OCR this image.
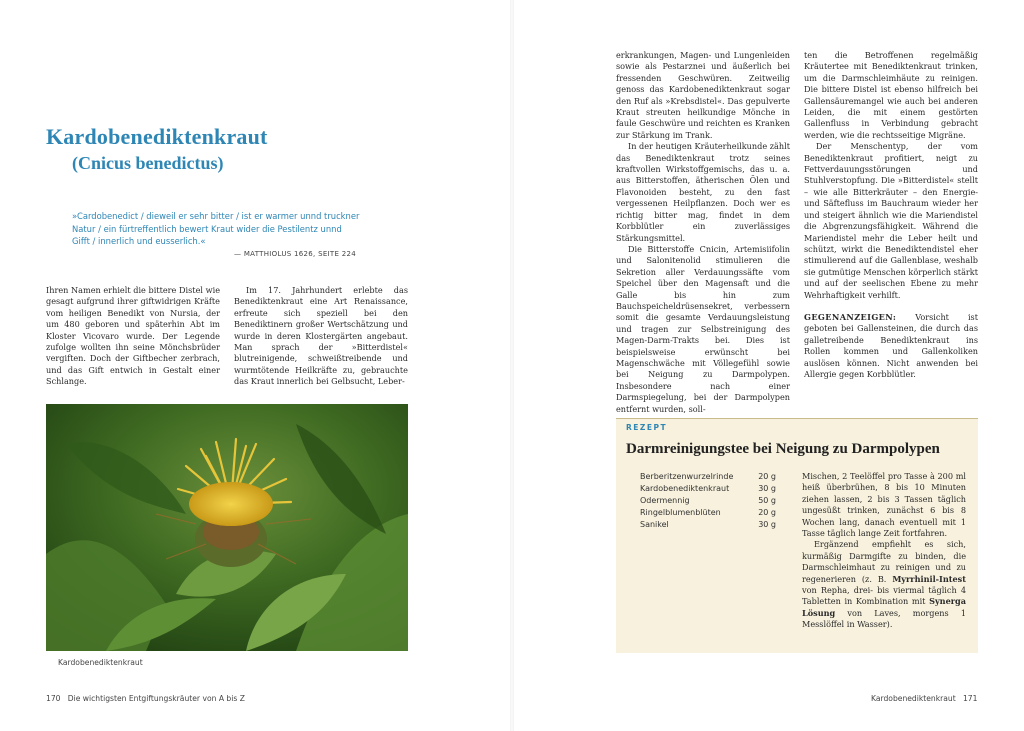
Kardobenediktenkraut
(Cnicus benedictus)
»Cardobenedict / dieweil er sehr bitter / ist er warmer unnd truckner Natur / ein fürtreffentlich bewert Kraut wider die Pestilentz unnd Gifft / innerlich und eusserlich.«
— MATTHIOLUS 1626, SEITE 224

Ihren Namen erhielt die bittere Distel wie gesagt aufgrund ihrer giftwidrigen Kräfte vom heiligen Benedikt von Nursia, der um 480 geboren und späterhin Abt im Kloster Vicovaro wurde. Der Legende zufolge wollten ihn seine Mönchsbrüder vergiften. Doch der Giftbecher zerbrach, und das Gift entwich in Gestalt einer Schlange.

Im 17. Jahrhundert erlebte das Benediktenkraut eine Art Renaissance, erfreute sich speziell bei den Benediktinern großer Wertschätzung und wurde in deren Klostergärten angebaut. Man sprach der »Bitterdistel« blutreinigende, schweißtreibende und wurmtötende Heilkräfte zu, gebrauchte das Kraut innerlich bei Gelbsucht, Leber-

Kardobenediktenkraut
170 Die wichtigsten Entgiftungskräuter von A bis Z

erkrankungen, Magen- und Lungenleiden sowie als Pestarznei und äußerlich bei fressenden Geschwüren. Zeitweilig genoss das Kardobenediktenkraut sogar den Ruf als »Krebsdistel«. Das gepulverte Kraut streuten heilkundige Mönche in faule Geschwüre und reichten es Kranken zur Stärkung im Trank.

In der heutigen Kräuterheilkunde zählt das Benediktenkraut trotz seines kraftvollen Wirkstoffgemischs, das u. a. aus Bitterstoffen, ätherischen Ölen und Flavonoiden besteht, zu den fast vergessenen Heilpflanzen. Doch wer es richtig bitter mag, findet in dem Korbblütler ein zuverlässiges Stärkungsmittel.

Die Bitterstoffe Cnicin, Artemisiifolin und Salonitenolid stimulieren die Sekretion aller Verdauungssäfte vom Speichel über den Magensaft und die Galle bis hin zum Bauchspeicheldrüsensekret, verbessern somit die gesamte Verdauungsleistung und tragen zur Selbstreinigung des Magen-Darm-Trakts bei. Dies ist beispielsweise erwünscht bei Magenschwäche mit Völlegefühl sowie bei Neigung zu Darmpolypen. Insbesondere nach einer Darmspiegelung, bei der Darmpolypen entfernt wurden, soll-

ten die Betroffenen regelmäßig Kräutertee mit Benediktenkraut trinken, um die Darmschleimhäute zu reinigen. Die bittere Distel ist ebenso hilfreich bei Gallensäuremangel wie auch bei anderen Leiden, die mit einem gestörten Gallenfluss in Verbindung gebracht werden, wie die rechtsseitige Migräne.

Der Menschentyp, der vom Benediktenkraut profitiert, neigt zu Fettverdauungsstörungen und Stuhlverstopfung. Die »Bitterdistel« stellt – wie alle Bitterkräuter – den Energie- und Säftefluss im Bauchraum wieder her und steigert ähnlich wie die Mariendistel die Abgrenzungsfähigkeit. Während die Mariendistel mehr die Leber heilt und schützt, wirkt die Benediktendistel eher stimulierend auf die Gallenblase, weshalb sie gutmütige Menschen körperlich stärkt und auf der seelischen Ebene zu mehr Wehrhaftigkeit verhilft.

GEGENANZEIGEN: Vorsicht ist geboten bei Gallensteinen, die durch das galletreibende Benediktenkraut ins Rollen kommen und Gallenkoliken auslösen können. Nicht anwenden bei Allergie gegen Korbblütler.

REZEPT
Darmreinigungstee bei Neigung zu Darmpolypen
Berberitzenwurzelrinde	20 g
Kardobenediktenkraut	30 g
Odermennig	50 g
Ringelblumenblüten	20 g
Sanikel	30 g

Mischen, 2 Teelöffel pro Tasse à 200 ml heiß überbrühen, 8 bis 10 Minuten ziehen lassen, 2 bis 3 Tassen täglich ungesüßt trinken, zunächst 6 bis 8 Wochen lang, danach eventuell mit 1 Tasse täglich lange Zeit fortfahren.

Ergänzend empfiehlt es sich, kurmäßig Darmgifte zu binden, die Darmschleimhaut zu reinigen und zu regenerieren (z. B. Myrrhinil-Intest von Repha, drei- bis viermal täglich 4 Tabletten in Kombination mit Synerga Lösung von Laves, morgens 1 Messlöffel in Wasser).

Kardobenediktenkraut 171
